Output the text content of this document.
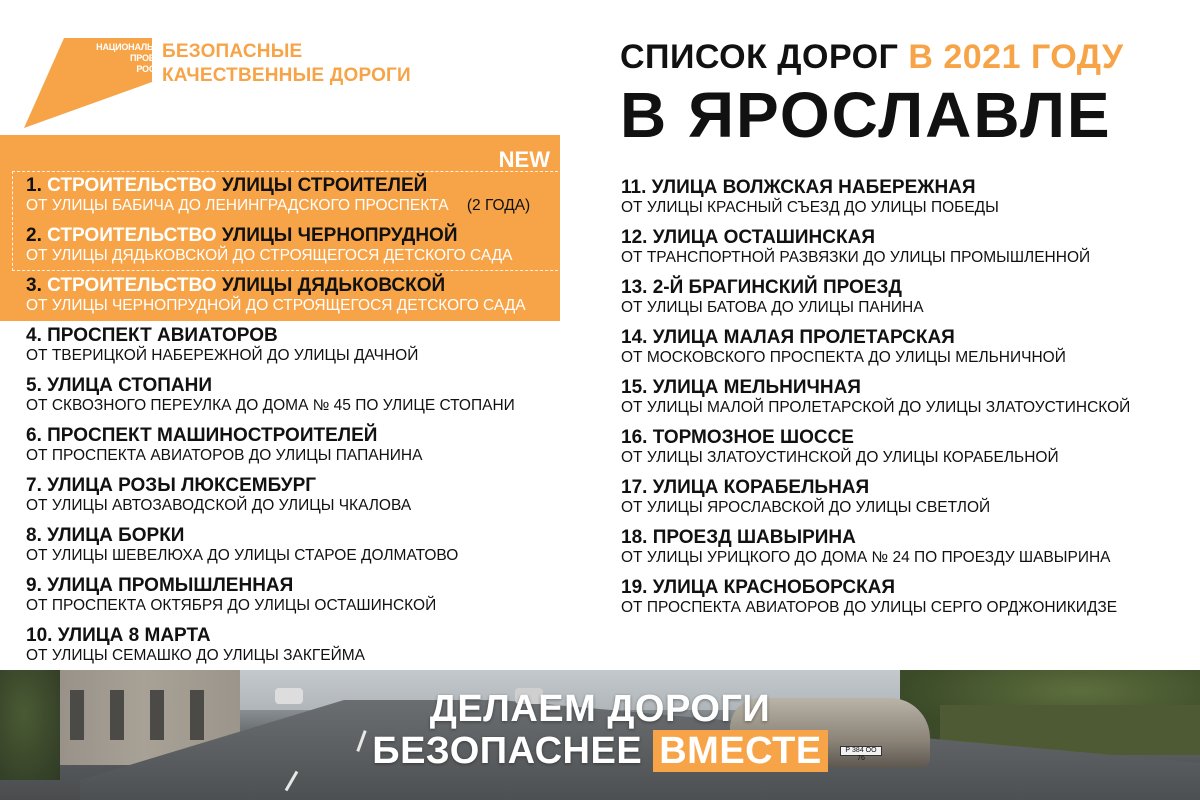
НАЦИОНАЛЬНЫЕ
ПРОЕКТЫ
РОССИИ
БЕЗОПАСНЫЕ
КАЧЕСТВЕННЫЕ ДОРОГИ	СПИСОК ДОРОГ В 2021 ГОДУ
В ЯРОСЛАВЛЕ
NEW
1. СТРОИТЕЛЬСТВО УЛИЦЫ СТРОИТЕЛЕЙ
ОТ УЛИЦЫ БАБИЧА ДО ЛЕНИНГРАДСКОГО ПРОСПЕКТА (2 ГОДА)
2. СТРОИТЕЛЬСТВО УЛИЦЫ ЧЕРНОПРУДНОЙ
ОТ УЛИЦЫ ДЯДЬКОВСКОЙ ДО СТРОЯЩЕГОСЯ ДЕТСКОГО САДА
3. СТРОИТЕЛЬСТВО УЛИЦЫ ДЯДЬКОВСКОЙ
ОТ УЛИЦЫ ЧЕРНОПРУДНОЙ ДО СТРОЯЩЕГОСЯ ДЕТСКОГО САДА
4. ПРОСПЕКТ АВИАТОРОВ
ОТ ТВЕРИЦКОЙ НАБЕРЕЖНОЙ ДО УЛИЦЫ ДАЧНОЙ
5. УЛИЦА СТОПАНИ
ОТ СКВОЗНОГО ПЕРЕУЛКА ДО ДОМА № 45 ПО УЛИЦЕ СТОПАНИ
6. ПРОСПЕКТ МАШИНОСТРОИТЕЛЕЙ
ОТ ПРОСПЕКТА АВИАТОРОВ ДО УЛИЦЫ ПАПАНИНА
7. УЛИЦА РОЗЫ ЛЮКСЕМБУРГ
ОТ УЛИЦЫ АВТОЗАВОДСКОЙ ДО УЛИЦЫ ЧКАЛОВА
8. УЛИЦА БОРКИ
ОТ УЛИЦЫ ШЕВЕЛЮХА ДО УЛИЦЫ СТАРОЕ ДОЛМАТОВО
9. УЛИЦА ПРОМЫШЛЕННАЯ
ОТ ПРОСПЕКТА ОКТЯБРЯ ДО УЛИЦЫ ОСТАШИНСКОЙ
10. УЛИЦА 8 МАРТА
ОТ УЛИЦЫ СЕМАШКО ДО УЛИЦЫ ЗАКГЕЙМА
11. УЛИЦА ВОЛЖСКАЯ НАБЕРЕЖНАЯ
ОТ УЛИЦЫ КРАСНЫЙ СЪЕЗД ДО УЛИЦЫ ПОБЕДЫ
12. УЛИЦА ОСТАШИНСКАЯ
ОТ ТРАНСПОРТНОЙ РАЗВЯЗКИ ДО УЛИЦЫ ПРОМЫШЛЕННОЙ
13. 2-Й БРАГИНСКИЙ ПРОЕЗД
ОТ УЛИЦЫ БАТОВА ДО УЛИЦЫ ПАНИНА
14. УЛИЦА МАЛАЯ ПРОЛЕТАРСКАЯ
ОТ МОСКОВСКОГО ПРОСПЕКТА ДО УЛИЦЫ МЕЛЬНИЧНОЙ
15. УЛИЦА МЕЛЬНИЧНАЯ
ОТ УЛИЦЫ МАЛОЙ ПРОЛЕТАРСКОЙ ДО УЛИЦЫ ЗЛАТОУСТИНСКОЙ
16. ТОРМОЗНОЕ ШОССЕ
ОТ УЛИЦЫ ЗЛАТОУСТИНСКОЙ ДО УЛИЦЫ КОРАБЕЛЬНОЙ
17. УЛИЦА КОРАБЕЛЬНАЯ
ОТ УЛИЦЫ ЯРОСЛАВСКОЙ ДО УЛИЦЫ СВЕТЛОЙ
18. ПРОЕЗД ШАВЫРИНА
ОТ УЛИЦЫ УРИЦКОГО ДО ДОМА № 24 ПО ПРОЕЗДУ ШАВЫРИНА
19. УЛИЦА КРАСНОБОРСКАЯ
ОТ ПРОСПЕКТА АВИАТОРОВ ДО УЛИЦЫ СЕРГО ОРДЖОНИКИДЗЕ
Р 384 ОО 76
ДЕЛАЕМ ДОРОГИ
БЕЗОПАСНЕЕ ВМЕСТЕ
